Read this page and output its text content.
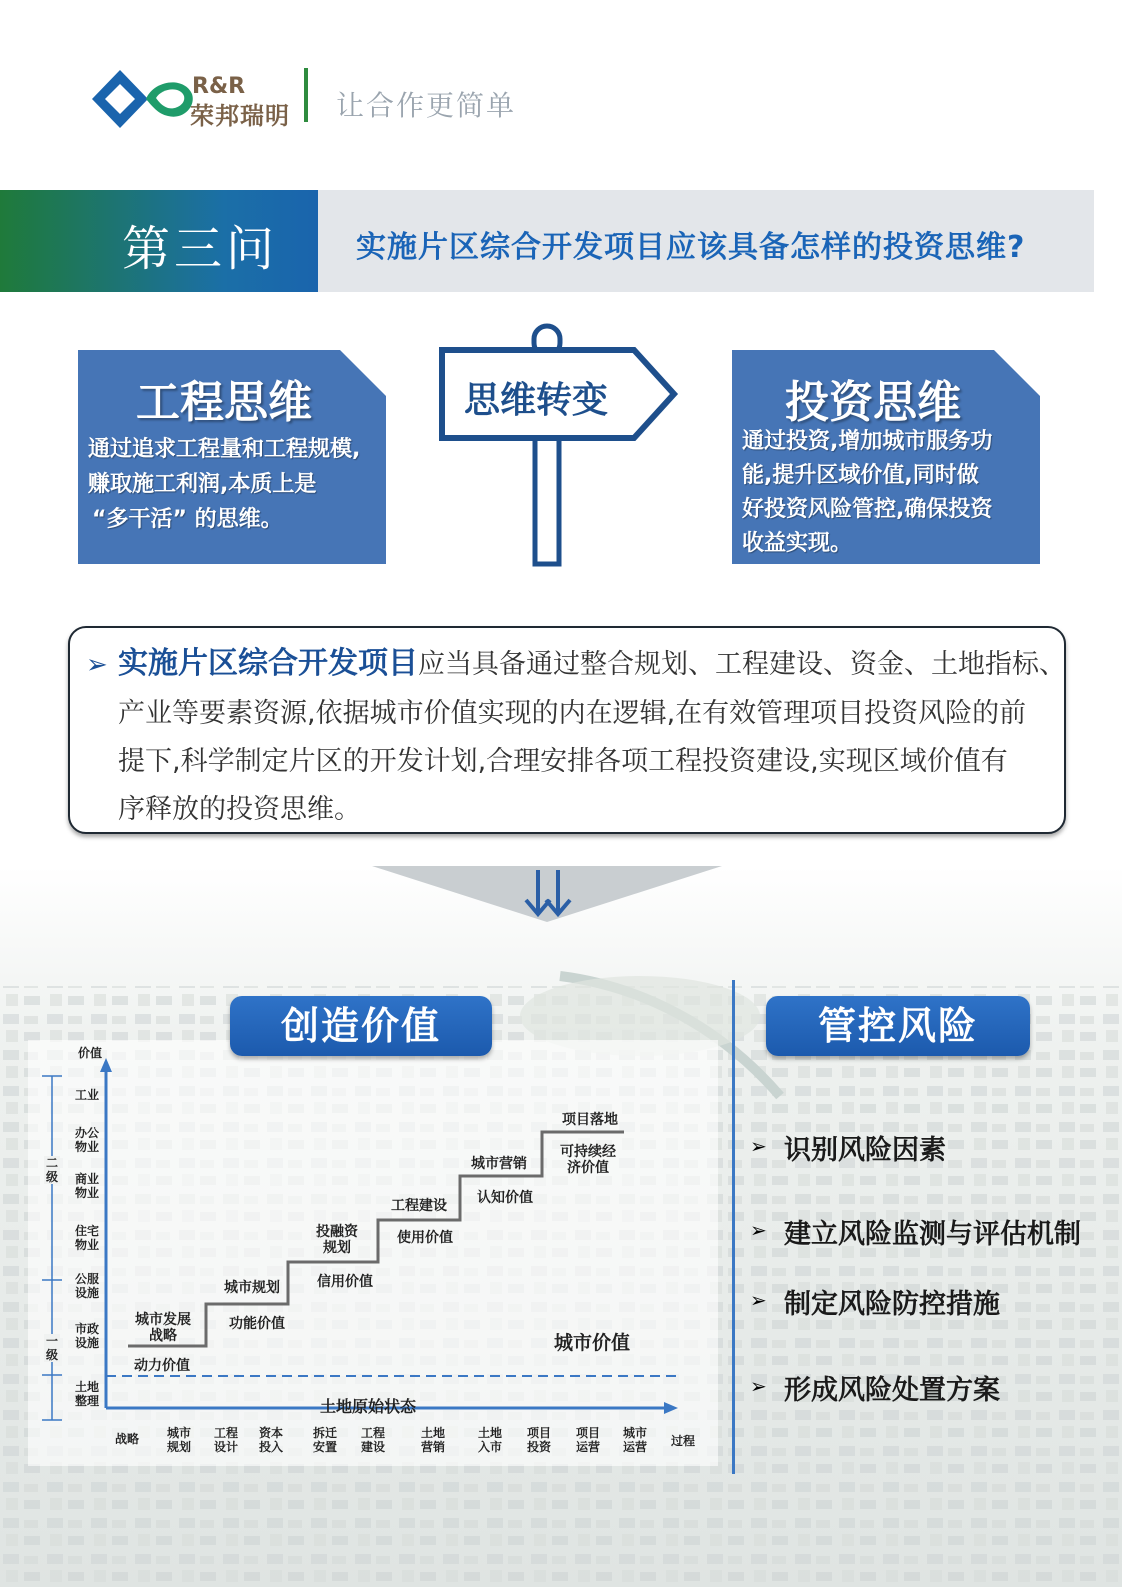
R&R
荣邦瑞明 让合作更简单
第三问	实施片区综合开发项目应该具备怎样的投资思维?
工程思维
通过追求工程量和工程规模,
赚取施工利润,本质上是
“多干活” 的思维。
思维转变	投资思维
通过投资,增加城市服务功
能,提升区域价值,同时做
好投资风险管控,确保投资
收益实现。
➢ 实施片区综合开发项目应当具备通过整合规划、工程建设、资金、土地指标、
产业等要素资源,依据城市价值实现的内在逻辑,在有效管理项目投资风险的前
提下,科学制定片区的开发计划,合理安排各项工程投资建设,实现区域价值有
序释放的投资思维。
创造价值	管控风险
➢ 识别风险因素
➢ 建立风险监测与评估机制
➢ 制定风险防控措施
➢ 形成风险处置方案
价值
工业
办公
物业
商业
物业
住宅
物业
公服
设施
市政
设施
土地
整理
二
级
一
级
战略 城市
规划
工程
设计
资本
投入
拆迁
安置
工程
建设
土地
营销
土地
入市
项目
投资
项目
运营
城市
运营 过程
城市发展
战略
城市规划
投融资
规划
工程建设
城市营销
项目落地
动力价值
功能价值
信用价值
使用价值
认知价值
可持续经
济价值
土地原始状态
城市价值
